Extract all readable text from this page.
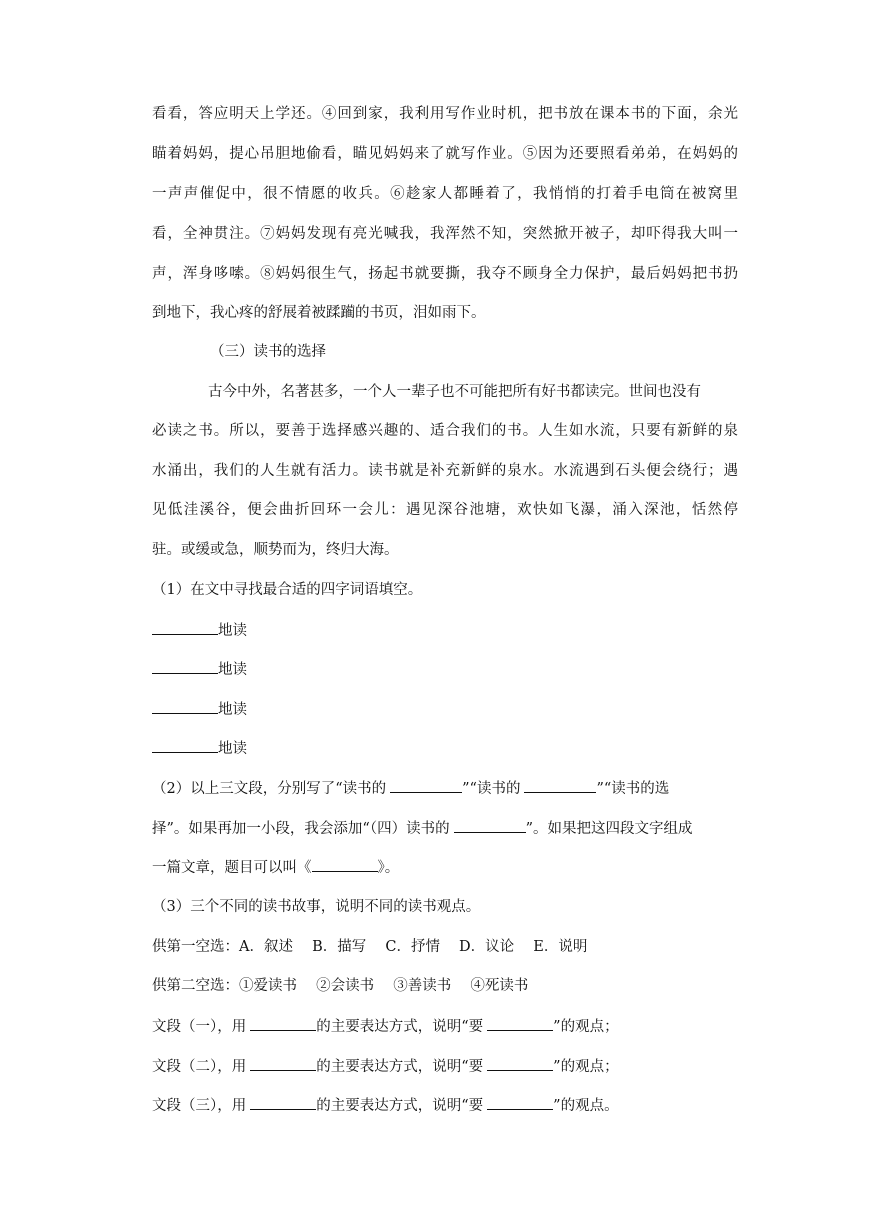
看看，答应明天上学还。④回到家，我利用写作业时机，把书放在课本书的下面，余光
瞄着妈妈，提心吊胆地偷看，瞄见妈妈来了就写作业。⑤因为还要照看弟弟，在妈妈的
一声声催促中，很不情愿的收兵。⑥趁家人都睡着了，我悄悄的打着手电筒在被窝里
看，全神贯注。⑦妈妈发现有亮光喊我，我浑然不知，突然掀开被子，却吓得我大叫一
声，浑身哆嗦。⑧妈妈很生气，扬起书就要撕，我夺不顾身全力保护，最后妈妈把书扔
到地下，我心疼的舒展着被蹂躏的书页，泪如雨下。
（三）读书的选择
古今中外，名著甚多，一个人一辈子也不可能把所有好书都读完。世间也没有
必读之书。所以，要善于选择感兴趣的、适合我们的书。人生如水流，只要有新鲜的泉
水涌出，我们的人生就有活力。读书就是补充新鲜的泉水。水流遇到石头便会绕行；遇
见低洼溪谷，便会曲折回环一会儿：遇见深谷池塘，欢快如飞瀑，涌入深池，恬然停
驻。或缓或急，顺势而为，终归大海。
（1）在文中寻找最合适的四字词语填空。
地读
地读
地读
地读
（2）以上三文段，分别写了“读书的	”“读书的	”“读书的选
择”。如果再加一小段，我会添加“（四）读书的	”。如果把这四段文字组成
一篇文章，题目可以叫《	》。
（3）三个不同的读书故事，说明不同的读书观点。
供第一空选：A．叙述　 B．描写　 C．抒情　 D．议论　 E．说明
供第二空选：①爱读书　 ②会读书　 ③善读书　 ④死读书
文段（一），用	的主要表达方式，说明“要	”的观点；
文段（二），用	的主要表达方式，说明“要	”的观点；
文段（三），用	的主要表达方式，说明“要	”的观点。
